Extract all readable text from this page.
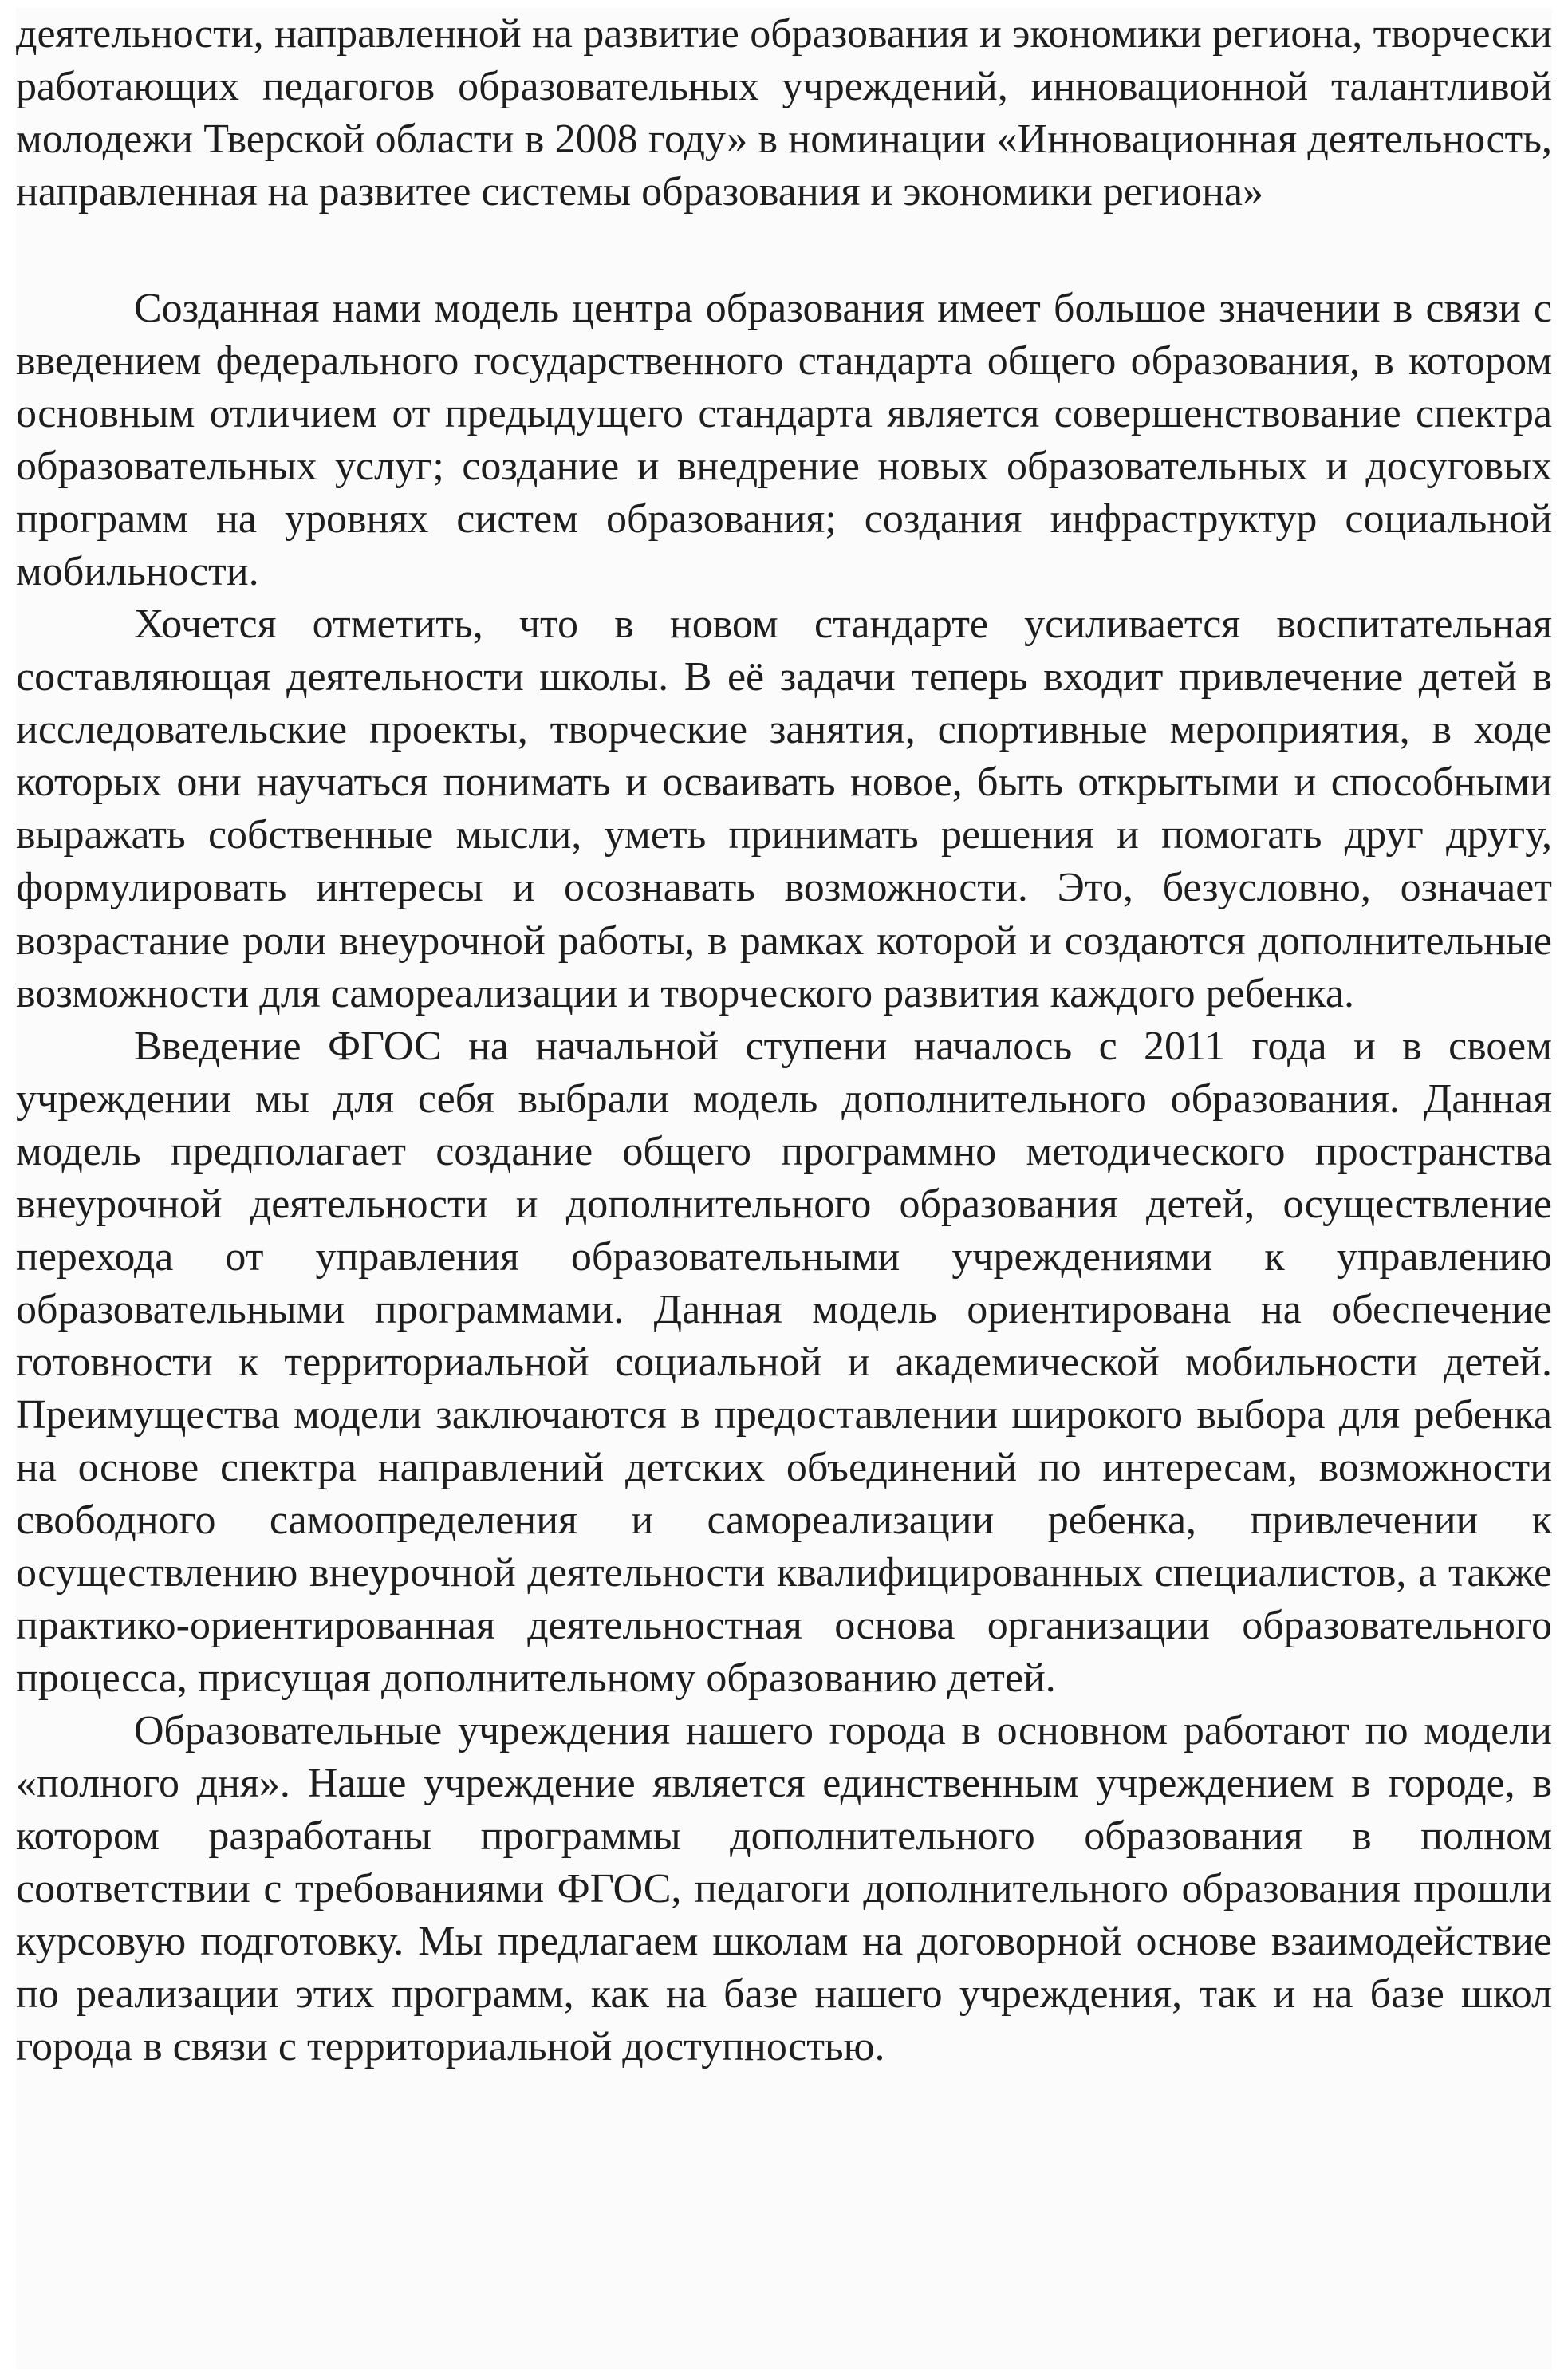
деятельности, направленной на развитие образования и экономики региона, творчески работающих педагогов образовательных учреждений, инновационной талантливой молодежи Тверской области в 2008 году» в номинации «Инновационная деятельность, направленная на развитее системы образования и экономики региона»

Созданная нами модель центра образования имеет большое значении в связи с введением федерального государственного стандарта общего образования, в котором основным отличием от предыдущего стандарта является совершенствование спектра образовательных услуг; создание и внедрение новых образовательных и досуговых программ на уровнях систем образования; создания инфраструктур социальной мобильности.

Хочется отметить, что в новом стандарте усиливается воспитательная составляющая деятельности школы. В её задачи теперь входит привлечение детей в исследовательские проекты, творческие занятия, спортивные мероприятия, в ходе которых они научаться понимать и осваивать новое, быть открытыми и способными выражать собственные мысли, уметь принимать решения и помогать друг другу, формулировать интересы и осознавать возможности. Это, безусловно, означает возрастание роли внеурочной работы, в рамках которой и создаются дополнительные возможности для самореализации и творческого развития каждого ребенка.

Введение ФГОС на начальной ступени началось с 2011 года и в своем учреждении мы для себя выбрали модель дополнительного образования. Данная модель предполагает создание общего программно методического пространства внеурочной деятельности и дополнительного образования детей, осуществление перехода от управления образовательными учреждениями к управлению образовательными программами. Данная модель ориентирована на обеспечение готовности к территориальной социальной и академической мобильности детей. Преимущества модели заключаются в предоставлении широкого выбора для ребенка на основе спектра направлений детских объединений по интересам, возможности свободного самоопределения и самореализации ребенка, привлечении к осуществлению внеурочной деятельности квалифицированных специалистов, а также практико-ориентированная деятельностная основа организации образовательного процесса, присущая дополнительному образованию детей.

Образовательные учреждения нашего города в основном работают по модели «полного дня». Наше учреждение является единственным учреждением в городе, в котором разработаны программы дополнительного образования в полном соответствии с требованиями ФГОС, педагоги дополнительного образования прошли курсовую подготовку. Мы предлагаем школам на договорной основе взаимодействие по реализации этих программ, как на базе нашего учреждения, так и на базе школ города в связи с территориальной доступностью.
